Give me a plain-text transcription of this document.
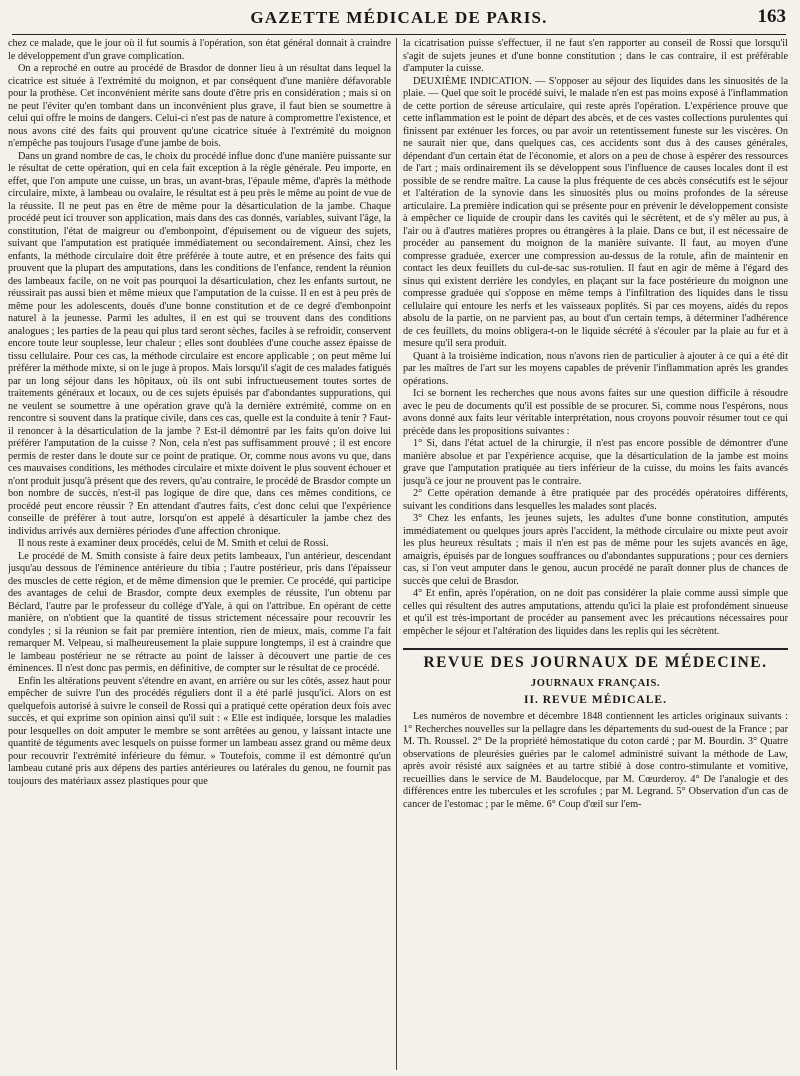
GAZETTE MÉDICALE DE PARIS.	163

chez ce malade, que le jour où il fut soumis à l'opération, son état général donnait à craindre le développement d'un grave complication.

On a reproché en outre au procédé de Brasdor de donner lieu à un résultat dans lequel la cicatrice est située à l'extrémité du moignon, et par conséquent d'une manière défavorable pour la prothèse. Cet inconvénient mérite sans doute d'être pris en considération ; mais si on ne peut l'éviter qu'en tombant dans un inconvénient plus grave, il faut bien se soumettre à celui qui offre le moins de dangers. Celui-ci n'est pas de nature à compromettre l'existence, et nous avons cité des faits qui prouvent qu'une cicatrice située à l'extrémité du moignon n'empêche pas toujours l'usage d'une jambe de bois.

Dans un grand nombre de cas, le choix du procédé influe donc d'une manière puissante sur le résultat de cette opération, qui en cela fait exception à la règle générale. Peu importe, en effet, que l'on ampute une cuisse, un bras, un avant-bras, l'épaule même, d'après la méthode circulaire, mixte, à lambeau ou ovalaire, le résultat est à peu près le même au point de vue de la réussite. Il ne peut pas en être de même pour la désarticulation de la jambe. Chaque procédé peut ici trouver son application, mais dans des cas donnés, variables, suivant l'âge, la constitution, l'état de maigreur ou d'embonpoint, d'épuisement ou de vigueur des sujets, suivant que l'amputation est pratiquée immédiatement ou secondairement. Ainsi, chez les enfants, la méthode circulaire doit être préférée à toute autre, et en présence des faits qui prouvent que la plupart des amputations, dans les conditions de l'enfance, rendent la réunion des lambeaux facile, on ne voit pas pourquoi la désarticulation, chez les enfants surtout, ne réussirait pas aussi bien et même mieux que l'amputation de la cuisse. Il en est à peu près de même pour les adolescents, doués d'une bonne constitution et de ce degré d'embonpoint naturel à la jeunesse. Parmi les adultes, il en est qui se trouvent dans des conditions analogues ; les parties de la peau qui plus tard seront sèches, faciles à se refroidir, conservent encore toute leur souplesse, leur chaleur ; elles sont doublées d'une couche assez épaisse de tissu cellulaire. Pour ces cas, la méthode circulaire est encore applicable ; on peut même lui préférer la méthode mixte, si on le juge à propos. Mais lorsqu'il s'agit de ces malades fatigués par un long séjour dans les hôpitaux, où ils ont subi infructueusement toutes sortes de traitements généraux et locaux, ou de ces sujets épuisés par d'abondantes suppurations, qui ne veulent se soumettre à une opération grave qu'à la dernière extrémité, comme on en rencontre si souvent dans la pratique civile, dans ces cas, quelle est la conduite à tenir ? Faut-il renoncer à la désarticulation de la jambe ? Est-il démontré par les faits qu'on doive lui préférer l'amputation de la cuisse ? Non, cela n'est pas suffisamment prouvé ; il est encore permis de rester dans le doute sur ce point de pratique. Or, comme nous avons vu que, dans ces mauvaises conditions, les méthodes circulaire et mixte doivent le plus souvent échouer et n'ont produit jusqu'à présent que des revers, qu'au contraire, le procédé de Brasdor compte un bon nombre de succès, n'est-il pas logique de dire que, dans ces mêmes conditions, ce procédé peut encore réussir ? En attendant d'autres faits, c'est donc celui que l'expérience conseille de préférer à tout autre, lorsqu'on est appelé à désarticuler la jambe chez des individus arrivés aux dernières périodes d'une affection chronique.

Il nous reste à examiner deux procédés, celui de M. Smith et celui de Rossi.

Le procédé de M. Smith consiste à faire deux petits lambeaux, l'un antérieur, descendant jusqu'au dessous de l'éminence antérieure du tibia ; l'autre postérieur, pris dans l'épaisseur des muscles de cette région, et de même dimension que le premier. Ce procédé, qui participe des avantages de celui de Brasdor, compte deux exemples de réussite, l'un obtenu par Béclard, l'autre par le professeur du collége d'Yale, à qui on l'attribue. En opérant de cette manière, on n'obtient que la quantité de tissus strictement nécessaire pour recouvrir les condyles ; si la réunion se fait par première intention, rien de mieux, mais, comme l'a fait remarquer M. Velpeau, si malheureusement la plaie suppure longtemps, il est à craindre que le lambeau postérieur ne se rétracte au point de laisser à découvert une partie de ces éminences. Il n'est donc pas permis, en définitive, de compter sur le résultat de ce procédé.

Enfin les altérations peuvent s'étendre en avant, en arrière ou sur les côtés, assez haut pour empêcher de suivre l'un des procédés réguliers dont il a été parlé jusqu'ici. Alors on est quelquefois autorisé à suivre le conseil de Rossi qui a pratiqué cette opération deux fois avec succès, et qui exprime son opinion ainsi qu'il suit : « Elle est indiquée, lorsque les maladies pour lesquelles on doit amputer le membre se sont arrêtées au genou, y laissant intacte une quantité de téguments avec lesquels on puisse former un lambeau assez grand ou même deux pour recouvrir l'extrémité inférieure du fémur. » Toutefois, comme il est démontré qu'un lambeau cutané pris aux dépens des parties antérieures ou latérales du genou, ne fournit pas toujours des matériaux assez plastiques pour que

la cicatrisation puisse s'effectuer, il ne faut s'en rapporter au conseil de Rossi que lorsqu'il s'agit de sujets jeunes et d'une bonne constitution ; dans le cas contraire, il est préférable d'amputer la cuisse.

DEUXIÈME INDICATION. — S'opposer au séjour des liquides dans les sinuosités de la plaie. — Quel que soit le procédé suivi, le malade n'en est pas moins exposé à l'inflammation de cette portion de séreuse articulaire, qui reste après l'opération. L'expérience prouve que cette inflammation est le point de départ des abcès, et de ces vastes collections purulentes qui finissent par exténuer les forces, ou par avoir un retentissement funeste sur les viscères. On ne saurait nier que, dans quelques cas, ces accidents sont dus à des causes générales, dépendant d'un certain état de l'économie, et alors on a peu de chose à espérer des ressources de l'art ; mais ordinairement ils se développent sous l'influence de causes locales dont il est possible de se rendre maître. La cause la plus fréquente de ces abcès consécutifs est le séjour et l'altération de la synovie dans les sinuosités plus ou moins profondes de la séreuse articulaire. La première indication qui se présente pour en prévenir le développement consiste à empêcher ce liquide de croupir dans les cavités qui le sécrètent, et de s'y mêler au pus, à l'air ou à d'autres matières propres ou étrangères à la plaie. Dans ce but, il est nécessaire de procéder au pansement du moignon de la manière suivante. Il faut, au moyen d'une compresse graduée, exercer une compression au-dessus de la rotule, afin de maintenir en contact les deux feuillets du cul-de-sac sus-rotulien. Il faut en agir de même à l'égard des sinus qui existent derrière les condyles, en plaçant sur la face postérieure du moignon une compresse graduée qui s'oppose en même temps à l'infiltration des liquides dans le tissu cellulaire qui entoure les nerfs et les vaisseaux poplités. Si par ces moyens, aidés du repos absolu de la partie, on ne parvient pas, au bout d'un certain temps, à déterminer l'adhérence de ces feuillets, du moins obligera-t-on le liquide sécrété à s'écouler par la plaie au fur et à mesure qu'il sera produit.

Quant à la troisième indication, nous n'avons rien de particulier à ajouter à ce qui a été dit par les maîtres de l'art sur les moyens capables de prévenir l'inflammation après les grandes opérations.

Ici se bornent les recherches que nous avons faites sur une question difficile à résoudre avec le peu de documents qu'il est possible de se procurer. Si, comme nous l'espérons, nous avons donné aux faits leur véritable interprétation, nous croyons pouvoir résumer tout ce qui précède dans les propositions suivantes :

1° Si, dans l'état actuel de la chirurgie, il n'est pas encore possible de démontrer d'une manière absolue et par l'expérience acquise, que la désarticulation de la jambe est moins grave que l'amputation pratiquée au tiers inférieur de la cuisse, du moins les faits avancés jusqu'à ce jour ne prouvent pas le contraire.

2° Cette opération demande à être pratiquée par des procédés opératoires différents, suivant les conditions dans lesquelles les malades sont placés.

3° Chez les enfants, les jeunes sujets, les adultes d'une bonne constitution, amputés immédiatement ou quelques jours après l'accident, la méthode circulaire ou mixte peut avoir les plus heureux résultats ; mais il n'en est pas de même pour les sujets avancés en âge, amaigris, épuisés par de longues souffrances ou d'abondantes suppurations ; pour ces derniers cas, si l'on veut amputer dans le genou, aucun procédé ne paraît donner plus de chances de succès que celui de Brasdor.

4° Et enfin, après l'opération, on ne doit pas considérer la plaie comme aussi simple que celles qui résultent des autres amputations, attendu qu'ici la plaie est profondément sinueuse et qu'il est très-important de procéder au pansement avec les précautions nécessaires pour empêcher le séjour et l'altération des liquides dans les replis qui les sécrètent.

REVUE DES JOURNAUX DE MÉDECINE.
JOURNAUX FRANÇAIS.
II. REVUE MÉDICALE.

Les numéros de novembre et décembre 1848 contiennent les articles originaux suivants : 1° Recherches nouvelles sur la pellagre dans les départements du sud-ouest de la France ; par M. Th. Roussel. 2° De la propriété hémostatique du coton cardé ; par M. Bourdin. 3° Quatre observations de pleurésies guéries par le calomel administré suivant la méthode de Law, après avoir résisté aux saignées et au tartre stibié à dose contro-stimulante et vomitive, recueillies dans le service de M. Baudelocque, par M. Cœurderoy. 4° De l'analogie et des différences entre les tubercules et les scrofules ; par M. Legrand. 5° Observation d'un cas de cancer de l'estomac ; par le même. 6° Coup d'œil sur l'em-
